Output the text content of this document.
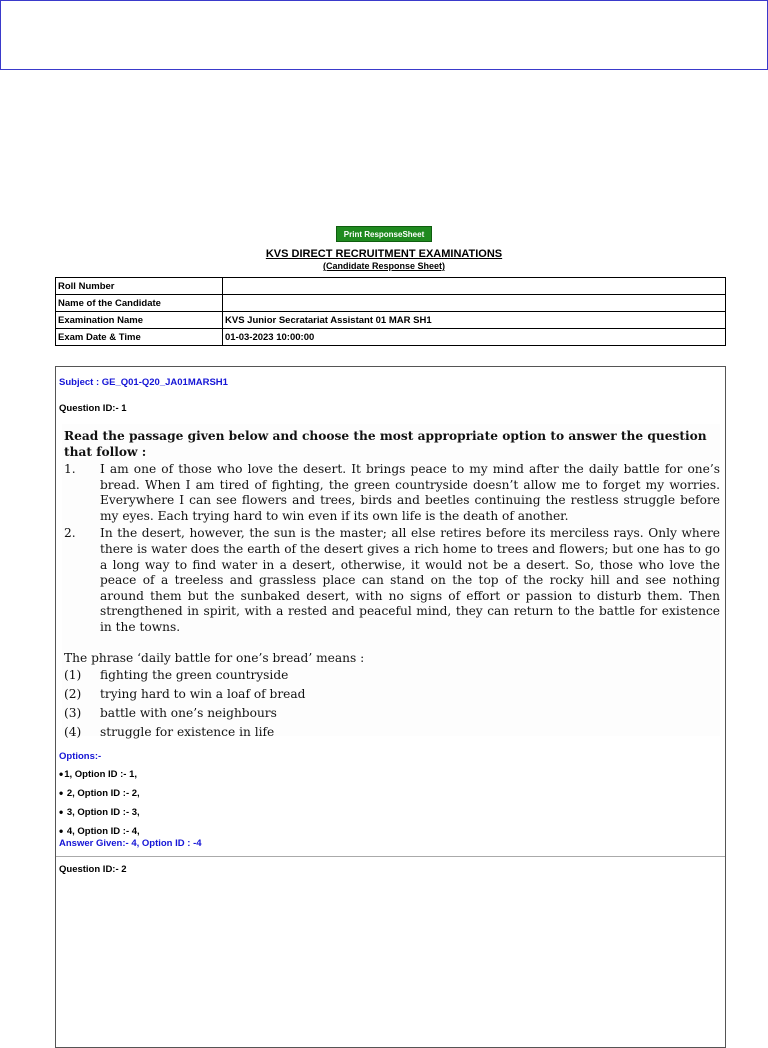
Print ResponseSheet
KVS DIRECT RECRUITMENT EXAMINATIONS
(Candidate Response Sheet)
Roll Number	
Name of the Candidate	
Examination Name	KVS Junior Secratariat Assistant 01 MAR SH1
Exam Date & Time	01-03-2023 10:00:00
Subject : GE_Q01-Q20_JA01MARSH1
Question ID:- 1
Read the passage given below and choose the most appropriate option to answer the question that follow :
1. I am one of those who love the desert. It brings peace to my mind after the daily battle for one’s bread. When I am tired of fighting, the green countryside doesn’t allow me to forget my worries. Everywhere I can see flowers and trees, birds and beetles continuing the restless struggle before my eyes. Each trying hard to win even if its own life is the death of another.
2. In the desert, however, the sun is the master; all else retires before its merciless rays. Only where there is water does the earth of the desert gives a rich home to trees and flowers; but one has to go a long way to find water in a desert, otherwise, it would not be a desert. So, those who love the peace of a treeless and grassless place can stand on the top of the rocky hill and see nothing around them but the sunbaked desert, with no signs of effort or passion to disturb them. Then strengthened in spirit, with a rested and peaceful mind, they can return to the battle for existence in the towns.
The phrase ‘daily battle for one’s bread’ means :
(1) fighting the green countryside
(2) trying hard to win a loaf of bread
(3) battle with one’s neighbours
(4) struggle for existence in life
Options:-
•1, Option ID :- 1,
• 2, Option ID :- 2,
• 3, Option ID :- 3,
• 4, Option ID :- 4,
Answer Given:- 4, Option ID : -4
Question ID:- 2
